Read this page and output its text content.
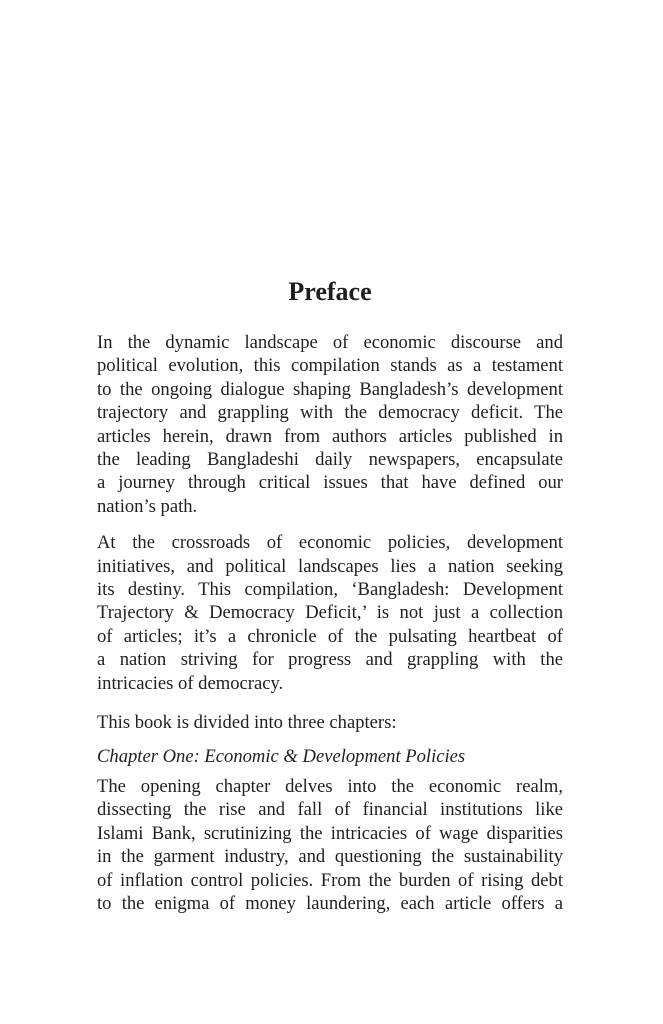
Preface
In the dynamic landscape of economic discourse and
political evolution, this compilation stands as a testament
to the ongoing dialogue shaping Bangladesh’s development
trajectory and grappling with the democracy deficit. The
articles herein, drawn from authors articles published in
the leading Bangladeshi daily newspapers, encapsulate
a journey through critical issues that have defined our
nation’s path.
At the crossroads of economic policies, development
initiatives, and political landscapes lies a nation seeking
its destiny. This compilation, ‘Bangladesh: Development
Trajectory & Democracy Deficit,’ is not just a collection
of articles; it’s a chronicle of the pulsating heartbeat of
a nation striving for progress and grappling with the
intricacies of democracy.
This book is divided into three chapters:
Chapter One: Economic & Development Policies
The opening chapter delves into the economic realm,
dissecting the rise and fall of financial institutions like
Islami Bank, scrutinizing the intricacies of wage disparities
in the garment industry, and questioning the sustainability
of inflation control policies. From the burden of rising debt
to the enigma of money laundering, each article offers a
